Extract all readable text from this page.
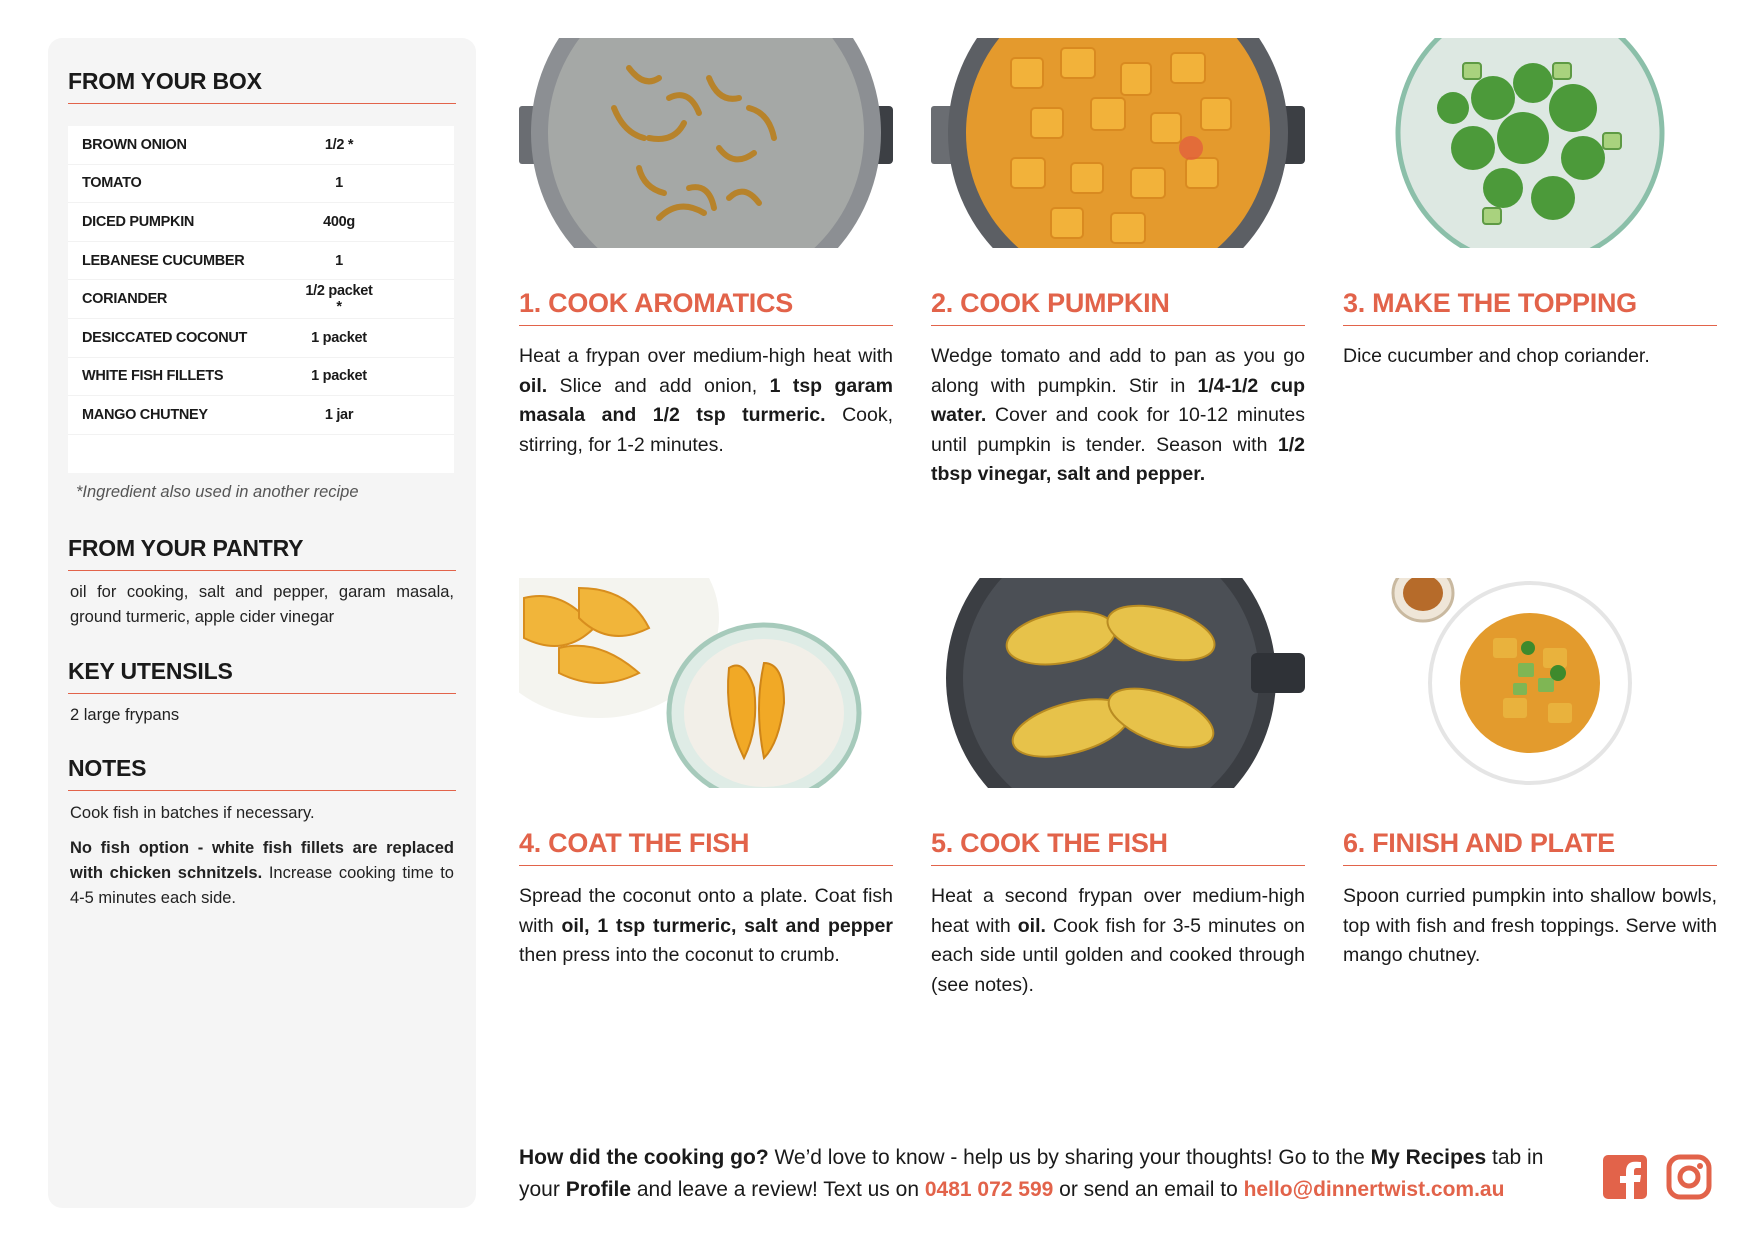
FROM YOUR BOX
BROWN ONION	1/2 *
TOMATO	1
DICED PUMPKIN	400g
LEBANESE CUCUMBER	1
CORIANDER	1/2 packet *
DESICCATED COCONUT	1 packet
WHITE FISH FILLETS	1 packet
MANGO CHUTNEY	1 jar
*Ingredient also used in another recipe
FROM YOUR PANTRY
oil for cooking, salt and pepper, garam masala, ground turmeric, apple cider vinegar
KEY UTENSILS
2 large frypans
NOTES
Cook fish in batches if necessary.
No fish option - white fish fillets are replaced with chicken schnitzels. Increase cooking time to 4-5 minutes each side.
1. COOK AROMATICS

Heat a frypan over medium-high heat with oil. Slice and add onion, 1 tsp garam masala and 1/2 tsp turmeric. Cook, stirring, for 1-2 minutes.

2. COOK PUMPKIN

Wedge tomato and add to pan as you go along with pumpkin. Stir in 1/4-1/2 cup water. Cover and cook for 10-12 minutes until pumpkin is tender. Season with 1/2 tbsp vinegar, salt and pepper.

3. MAKE THE TOPPING

Dice cucumber and chop coriander.

4. COAT THE FISH

Spread the coconut onto a plate. Coat fish with oil, 1 tsp turmeric, salt and pepper then press into the coconut to crumb.

5. COOK THE FISH

Heat a second frypan over medium-high heat with oil. Cook fish for 3-5 minutes on each side until golden and cooked through (see notes).

6. FINISH AND PLATE

Spoon curried pumpkin into shallow bowls, top with fish and fresh toppings. Serve with mango chutney.

How did the cooking go? We’d love to know - help us by sharing your thoughts! Go to the My Recipes tab in your Profile and leave a review! Text us on 0481 072 599 or send an email to hello@dinnertwist.com.au
